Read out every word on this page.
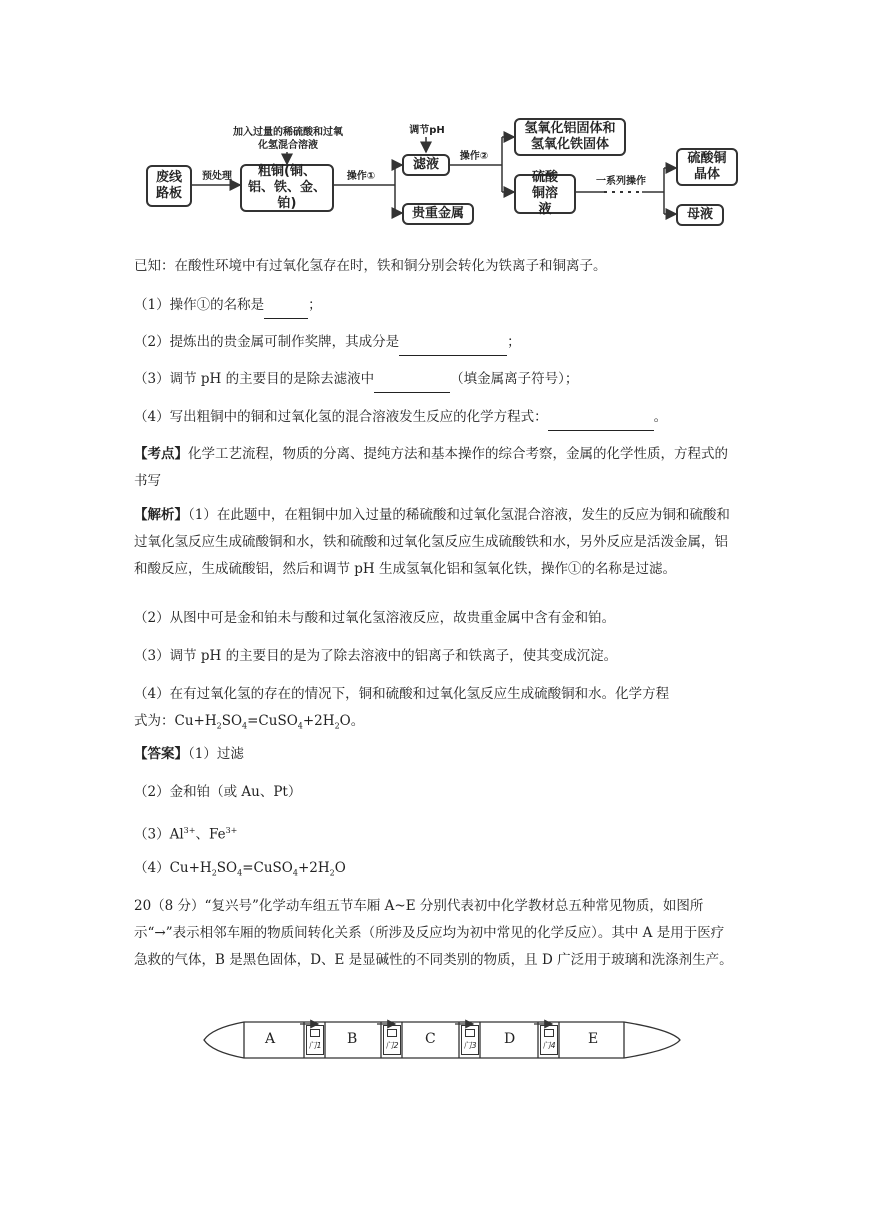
废线路板
预处理
加入过量的稀硫酸和过氧化氢混合溶液
粗铜(铜、铝、铁、金、铂)
操作①
调节pH
滤液
贵重金属
操作②
氢氧化铝固体和氢氧化铁固体
硫酸铜溶液
一系列操作
硫酸铜晶体
母液
已知：在酸性环境中有过氧化氢存在时，铁和铜分别会转化为铁离子和铜离子。
（1）操作①的名称是	；
（2）提炼出的贵金属可制作奖牌，其成分是	；
（3）调节 pH 的主要目的是除去滤液中	（填金属离子符号）；
（4）写出粗铜中的铜和过氧化氢的混合溶液发生反应的化学方程式：	。
【考点】化学工艺流程，物质的分离、提纯方法和基本操作的综合考察，金属的化学性质，方程式的书写
【解析】（1）在此题中，在粗铜中加入过量的稀硫酸和过氧化氢混合溶液，发生的反应为铜和硫酸和过氧化氢反应生成硫酸铜和水，铁和硫酸和过氧化氢反应生成硫酸铁和水，另外反应是活泼金属，铝和酸反应，生成硫酸铝，然后和调节 pH 生成氢氧化铝和氢氧化铁，操作①的名称是过滤。
（2）从图中可是金和铂未与酸和过氧化氢溶液反应，故贵重金属中含有金和铂。
（3）调节 pH 的主要目的是为了除去溶液中的铝离子和铁离子，使其变成沉淀。
（4）在有过氧化氢的存在的情况下，铜和硫酸和过氧化氢反应生成硫酸铜和水。化学方程
式为：$Cu+H_2SO_4=CuSO_4+2H_2O$。
【答案】（1）过滤
（2）金和铂（或 Au、Pt）
$(3)Al^{3+}$、$Fe^{3+}$
$(4)Cu+H_2SO_4=CuSO_4+2H_2O$
20（8 分）“复兴号”化学动车组五节车厢 A~E 分别代表初中化学教材总五种常见物质，如图所示“→”表示相邻车厢的物质间转化关系（所涉及反应均为初中常见的化学反应）。其中 A 是用于医疗急救的气体，B 是黑色固体，D、E 是显碱性的不同类别的物质，且 D 广泛用于玻璃和洗涤剂生产。
A	B	C	D	E
门1	门2	门3	门4
